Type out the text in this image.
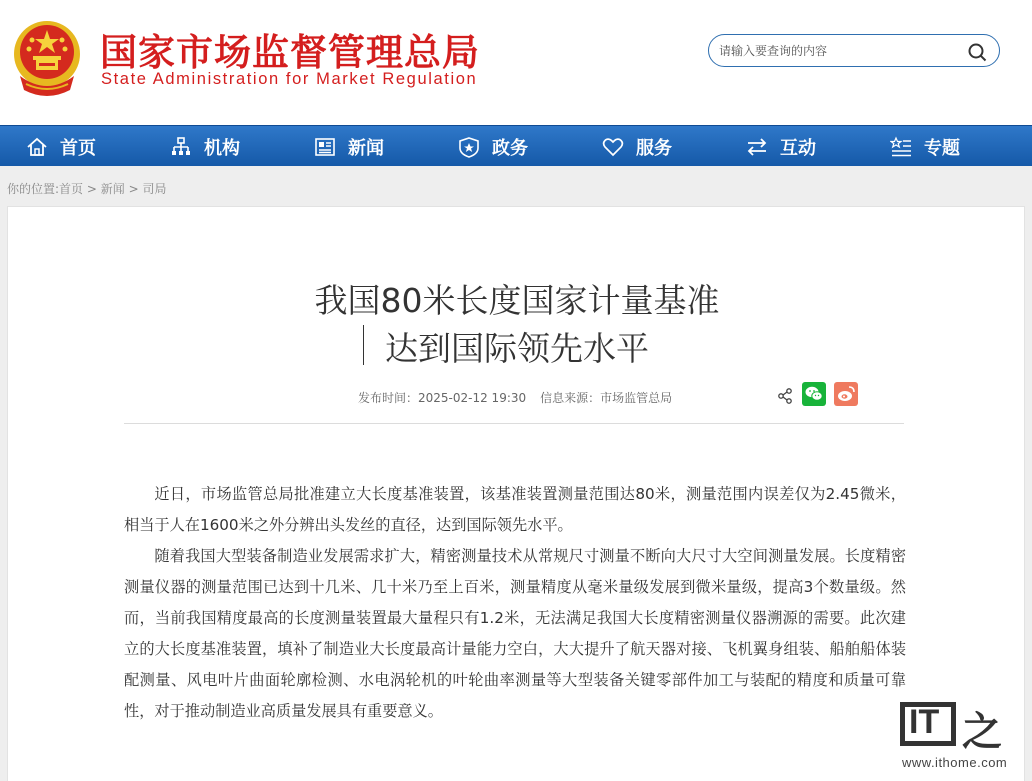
国家市场监督管理总局
State Administration for Market Regulation
请输入要查询的内容
首页	机构	新闻	政务	服务	互动	专题
你的位置:首页 > 新闻 > 司局
我国80米长度国家计量基准
达到国际领先水平
发布时间：2025-02-12 19:30 信息来源：市场监管总局

近日，市场监管总局批准建立大长度基准装置，该基准装置测量范围达80米，测量范围内误差仅为2.45微米，相当于人在1600米之外分辨出头发丝的直径，达到国际领先水平。

随着我国大型装备制造业发展需求扩大，精密测量技术从常规尺寸测量不断向大尺寸大空间测量发展。长度精密测量仪器的测量范围已达到十几米、几十米乃至上百米，测量精度从毫米量级发展到微米量级，提高3个数量级。然而，当前我国精度最高的长度测量装置最大量程只有1.2米，无法满足我国大长度精密测量仪器溯源的需要。此次建立的大长度基准装置，填补了制造业大长度最高计量能力空白，大大提升了航天器对接、飞机翼身组装、船舶船体装配测量、风电叶片曲面轮廓检测、水电涡轮机的叶轮曲率测量等大型装备关键零部件加工与装配的精度和质量可靠性，对于推动制造业高质量发展具有重要意义。	IT 之
www.ithome.com
